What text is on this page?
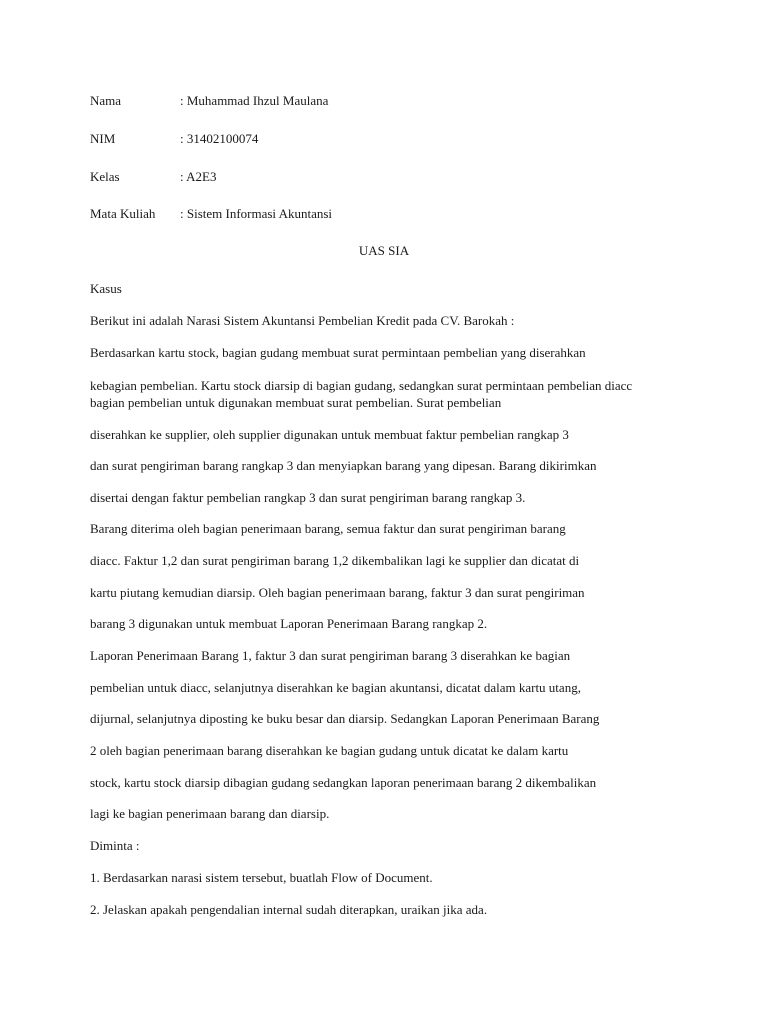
Nama	: Muhammad Ihzul Maulana
NIM	: 31402100074
Kelas	: A2E3
Mata Kuliah : Sistem Informasi Akuntansi
UAS SIA
Kasus
Berikut ini adalah Narasi Sistem Akuntansi Pembelian Kredit pada CV. Barokah :
Berdasarkan kartu stock, bagian gudang membuat surat permintaan pembelian yang diserahkan
kebagian pembelian. Kartu stock diarsip di bagian gudang, sedangkan surat permintaan pembelian diacc
bagian pembelian untuk digunakan membuat surat pembelian. Surat pembelian
diserahkan ke supplier, oleh supplier digunakan untuk membuat faktur pembelian rangkap 3
dan surat pengiriman barang rangkap 3 dan menyiapkan barang yang dipesan. Barang dikirimkan
disertai dengan faktur pembelian rangkap 3 dan surat pengiriman barang rangkap 3.
Barang diterima oleh bagian penerimaan barang, semua faktur dan surat pengiriman barang
diacc. Faktur 1,2 dan surat pengiriman barang 1,2 dikembalikan lagi ke supplier dan dicatat di
kartu piutang kemudian diarsip. Oleh bagian penerimaan barang, faktur 3 dan surat pengiriman
barang 3 digunakan untuk membuat Laporan Penerimaan Barang rangkap 2.
Laporan Penerimaan Barang 1, faktur 3 dan surat pengiriman barang 3 diserahkan ke bagian
pembelian untuk diacc, selanjutnya diserahkan ke bagian akuntansi, dicatat dalam kartu utang,
dijurnal, selanjutnya diposting ke buku besar dan diarsip. Sedangkan Laporan Penerimaan Barang
2 oleh bagian penerimaan barang diserahkan ke bagian gudang untuk dicatat ke dalam kartu
stock, kartu stock diarsip dibagian gudang sedangkan laporan penerimaan barang 2 dikembalikan
lagi ke bagian penerimaan barang dan diarsip.
Diminta :
1. Berdasarkan narasi sistem tersebut, buatlah Flow of Document.
2. Jelaskan apakah pengendalian internal sudah diterapkan, uraikan jika ada.
